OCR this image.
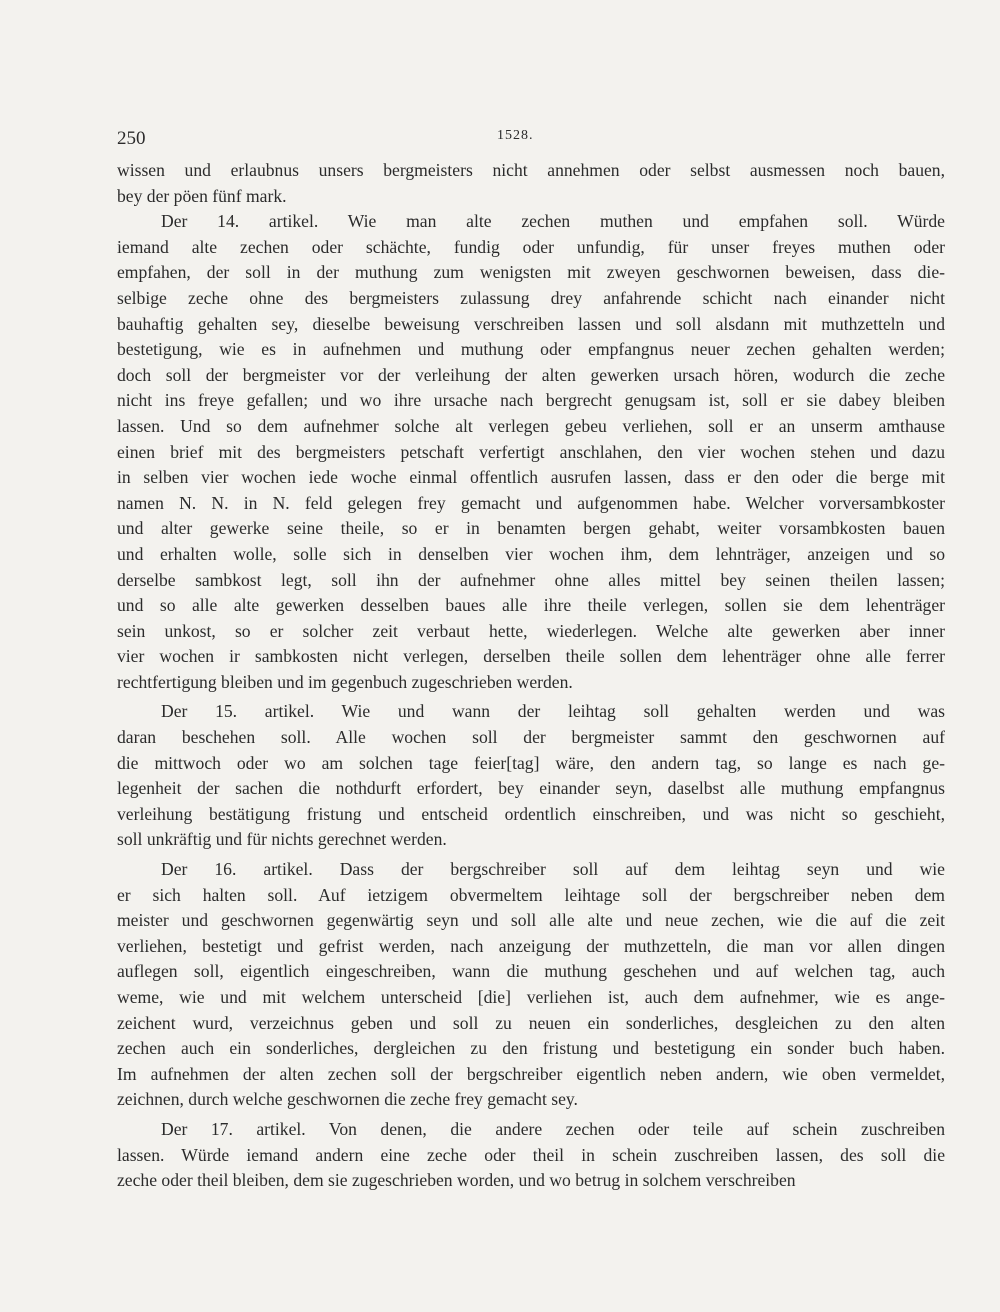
250	1528.
wissen und erlaubnus unsers bergmeisters nicht annehmen oder selbst ausmessen noch bauen,
bey der pöen fünf mark.
Der 14. artikel. Wie man alte zechen muthen und empfahen soll. Würde
iemand alte zechen oder schächte, fundig oder unfundig, für unser freyes muthen oder
empfahen, der soll in der muthung zum wenigsten mit zweyen geschwornen beweisen, dass die-
selbige zeche ohne des bergmeisters zulassung drey anfahrende schicht nach einander nicht
bauhaftig gehalten sey, dieselbe beweisung verschreiben lassen und soll alsdann mit muthzetteln und
bestetigung, wie es in aufnehmen und muthung oder empfangnus neuer zechen gehalten werden;
doch soll der bergmeister vor der verleihung der alten gewerken ursach hören, wodurch die zeche
nicht ins freye gefallen; und wo ihre ursache nach bergrecht genugsam ist, soll er sie dabey bleiben
lassen. Und so dem aufnehmer solche alt verlegen gebeu verliehen, soll er an unserm amthause
einen brief mit des bergmeisters petschaft verfertigt anschlahen, den vier wochen stehen und dazu
in selben vier wochen iede woche einmal offentlich ausrufen lassen, dass er den oder die berge mit
namen N. N. in N. feld gelegen frey gemacht und aufgenommen habe. Welcher vorversambkoster
und alter gewerke seine theile, so er in benamten bergen gehabt, weiter vorsambkosten bauen
und erhalten wolle, solle sich in denselben vier wochen ihm, dem lehnträger, anzeigen und so
derselbe sambkost legt, soll ihn der aufnehmer ohne alles mittel bey seinen theilen lassen;
und so alle alte gewerken desselben baues alle ihre theile verlegen, sollen sie dem lehenträger
sein unkost, so er solcher zeit verbaut hette, wiederlegen. Welche alte gewerken aber inner
vier wochen ir sambkosten nicht verlegen, derselben theile sollen dem lehenträger ohne alle ferrer
rechtfertigung bleiben und im gegenbuch zugeschrieben werden.
Der 15. artikel. Wie und wann der leihtag soll gehalten werden und was
daran beschehen soll. Alle wochen soll der bergmeister sammt den geschwornen auf
die mittwoch oder wo am solchen tage feier[tag] wäre, den andern tag, so lange es nach ge-
legenheit der sachen die nothdurft erfordert, bey einander seyn, daselbst alle muthung empfangnus
verleihung bestätigung fristung und entscheid ordentlich einschreiben, und was nicht so geschieht,
soll unkräftig und für nichts gerechnet werden.
Der 16. artikel. Dass der bergschreiber soll auf dem leihtag seyn und wie
er sich halten soll. Auf ietzigem obvermeltem leihtage soll der bergschreiber neben dem
meister und geschwornen gegenwärtig seyn und soll alle alte und neue zechen, wie die auf die zeit
verliehen, bestetigt und gefrist werden, nach anzeigung der muthzetteln, die man vor allen dingen
auflegen soll, eigentlich eingeschreiben, wann die muthung geschehen und auf welchen tag, auch
weme, wie und mit welchem unterscheid [die] verliehen ist, auch dem aufnehmer, wie es ange-
zeichent wurd, verzeichnus geben und soll zu neuen ein sonderliches, desgleichen zu den alten
zechen auch ein sonderliches, dergleichen zu den fristung und bestetigung ein sonder buch haben.
Im aufnehmen der alten zechen soll der bergschreiber eigentlich neben andern, wie oben vermeldet,
zeichnen, durch welche geschwornen die zeche frey gemacht sey.
Der 17. artikel. Von denen, die andere zechen oder teile auf schein zuschreiben
lassen. Würde iemand andern eine zeche oder theil in schein zuschreiben lassen, des soll die
zeche oder theil bleiben, dem sie zugeschrieben worden, und wo betrug in solchem verschreiben
